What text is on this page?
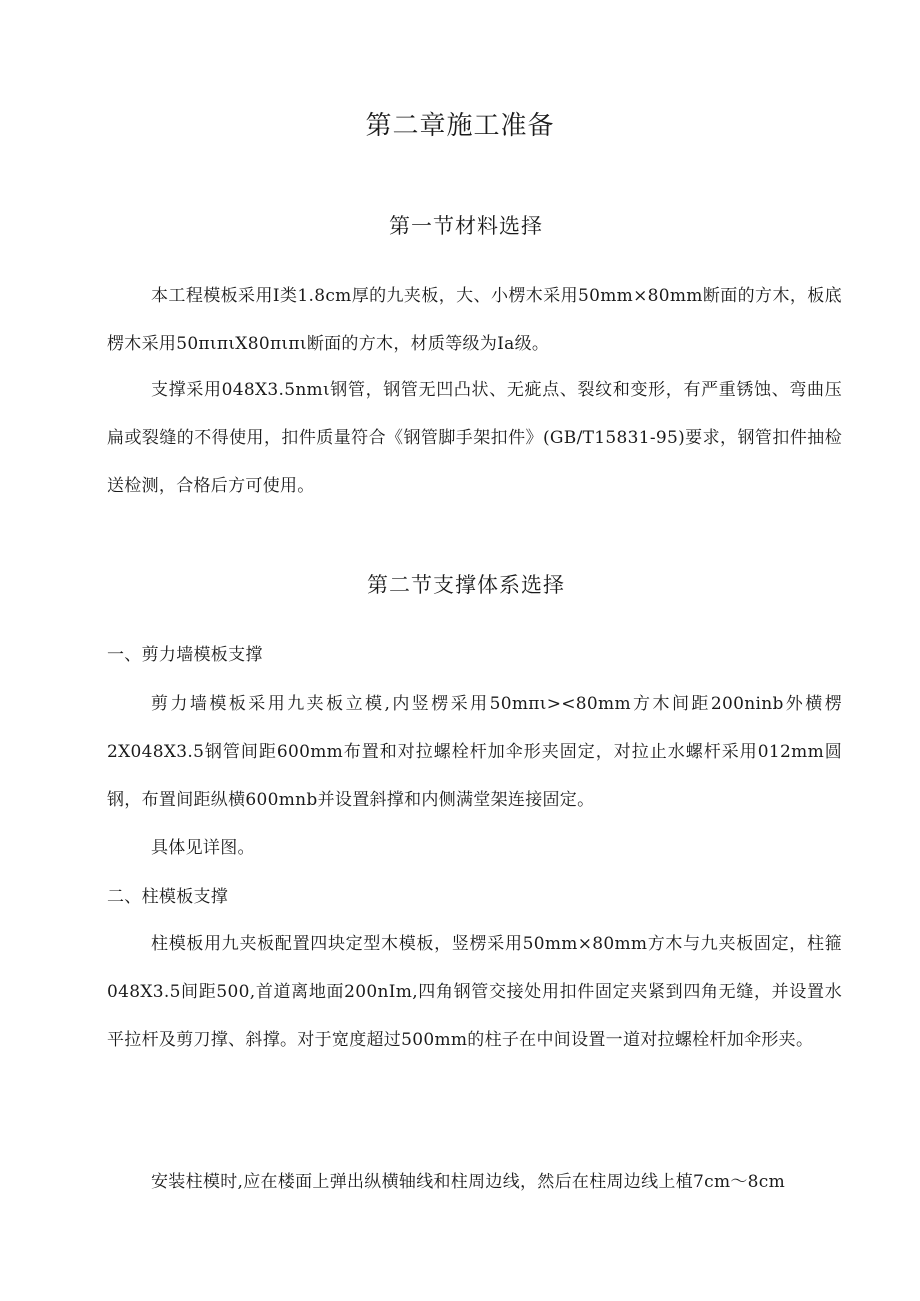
第二章施工准备
第一节材料选择
本工程模板采用Ⅰ类1.8cm厚的九夹板，大、小楞木采用50mm×80mm断面的方木，板底楞木采用50πιπιX80πιπι断面的方木，材质等级为Ia级。
支撑采用048X3.5nmι钢管，钢管无凹凸状、无疵点、裂纹和变形，有严重锈蚀、弯曲压扁或裂缝的不得使用，扣件质量符合《钢管脚手架扣件》(GB/T15831-95)要求，钢管扣件抽检送检测，合格后方可使用。
第二节支撑体系选择
一、剪力墙模板支撑
剪力墙模板采用九夹板立模,内竖楞采用50mπι><80mm方木间距200ninb外横楞2X048X3.5钢管间距600mm布置和对拉螺栓杆加伞形夹固定，对拉止水螺杆采用012mm圆钢，布置间距纵横600mnb并设置斜撑和内侧满堂架连接固定。
具体见详图。
二、柱模板支撑
柱模板用九夹板配置四块定型木模板，竖楞采用50mm×80mm方木与九夹板固定，柱箍048X3.5间距500,首道离地面200nIm,四角钢管交接处用扣件固定夹紧到四角无缝，并设置水平拉杆及剪刀撑、斜撑。对于宽度超过500mm的柱子在中间设置一道对拉螺栓杆加伞形夹。
安装柱模时,应在楼面上弹出纵横轴线和柱周边线，然后在柱周边线上植7cm～8cm
